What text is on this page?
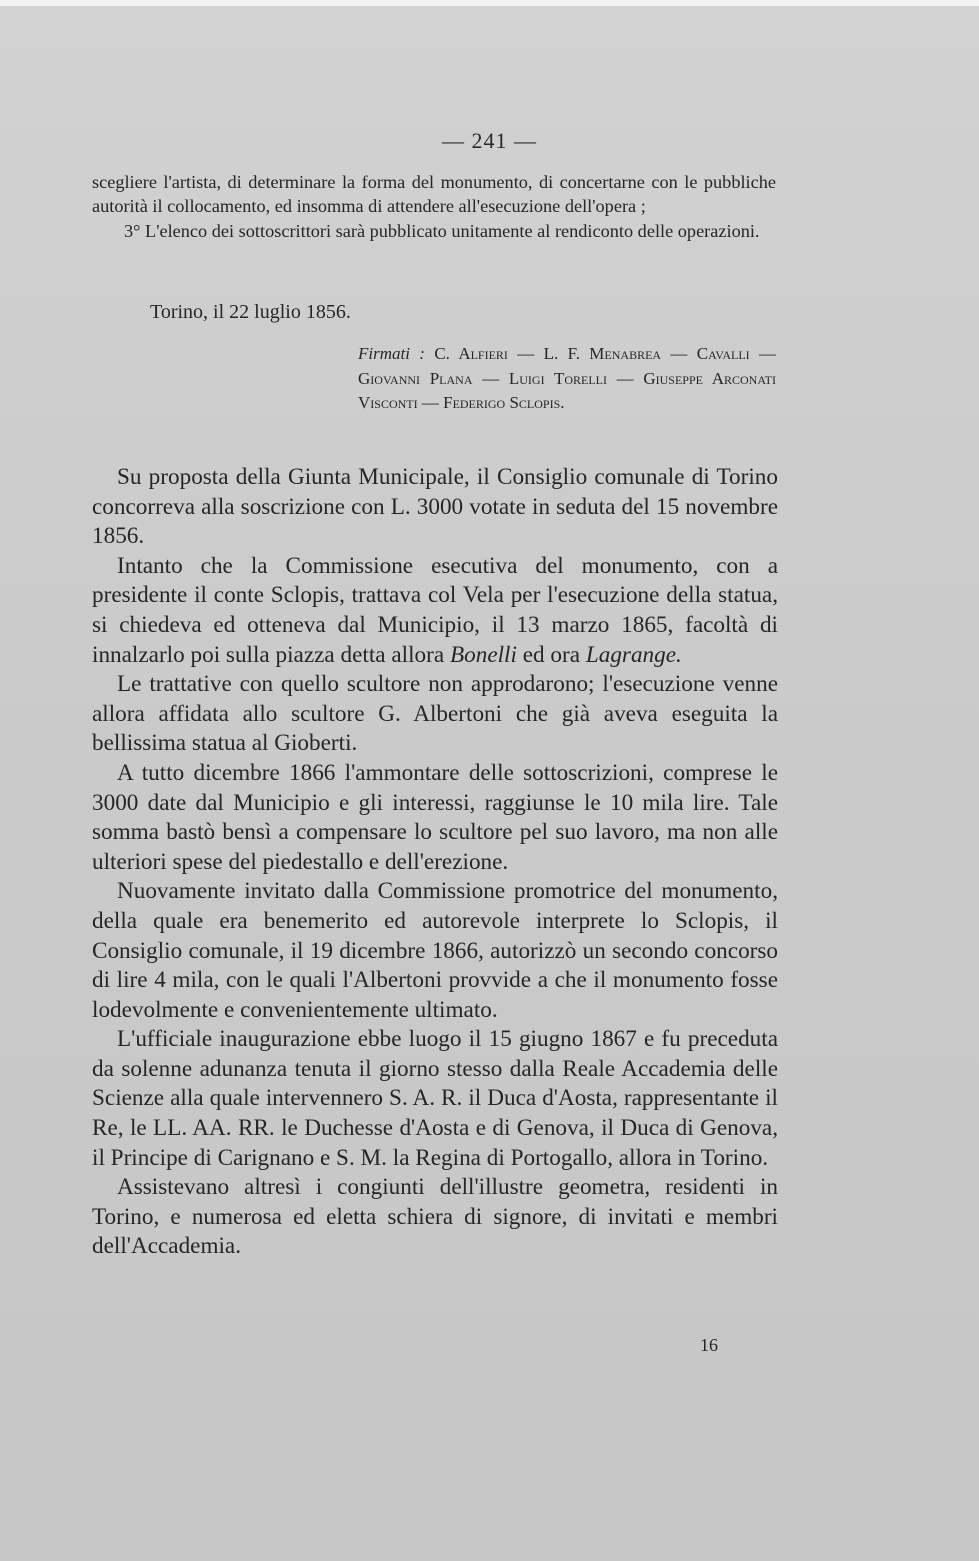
— 241 —

scegliere l'artista, di determinare la forma del monumento, di concertarne con le pubbliche autorità il collocamento, ed insomma di attendere all'esecuzione dell'opera ;

3° L'elenco dei sottoscrittori sarà pubblicato unitamente al rendiconto delle operazioni.

Torino, il 22 luglio 1856.
Firmati : C. Alfieri — L. F. Menabrea — Cavalli — Giovanni Plana — Luigi Torelli — Giuseppe Arconati Visconti — Federigo Sclopis.

Su proposta della Giunta Municipale, il Consiglio comunale di Torino concorreva alla soscrizione con L. 3000 votate in seduta del 15 novembre 1856.

Intanto che la Commissione esecutiva del monumento, con a presidente il conte Sclopis, trattava col Vela per l'esecuzione della statua, si chiedeva ed otteneva dal Municipio, il 13 marzo 1865, facoltà di innalzarlo poi sulla piazza detta allora Bonelli ed ora Lagrange.

Le trattative con quello scultore non approdarono; l'esecuzione venne allora affidata allo scultore G. Albertoni che già aveva eseguita la bellissima statua al Gioberti.

A tutto dicembre 1866 l'ammontare delle sottoscrizioni, comprese le 3000 date dal Municipio e gli interessi, raggiunse le 10 mila lire. Tale somma bastò bensì a compensare lo scultore pel suo lavoro, ma non alle ulteriori spese del piedestallo e dell'erezione.

Nuovamente invitato dalla Commissione promotrice del monumento, della quale era benemerito ed autorevole interprete lo Sclopis, il Consiglio comunale, il 19 dicembre 1866, autorizzò un secondo concorso di lire 4 mila, con le quali l'Albertoni provvide a che il monumento fosse lodevolmente e convenientemente ultimato.

L'ufficiale inaugurazione ebbe luogo il 15 giugno 1867 e fu preceduta da solenne adunanza tenuta il giorno stesso dalla Reale Accademia delle Scienze alla quale intervennero S. A. R. il Duca d'Aosta, rappresentante il Re, le LL. AA. RR. le Duchesse d'Aosta e di Genova, il Duca di Genova, il Principe di Carignano e S. M. la Regina di Portogallo, allora in Torino.

Assistevano altresì i congiunti dell'illustre geometra, residenti in Torino, e numerosa ed eletta schiera di signore, di invitati e membri dell'Accademia.

16
